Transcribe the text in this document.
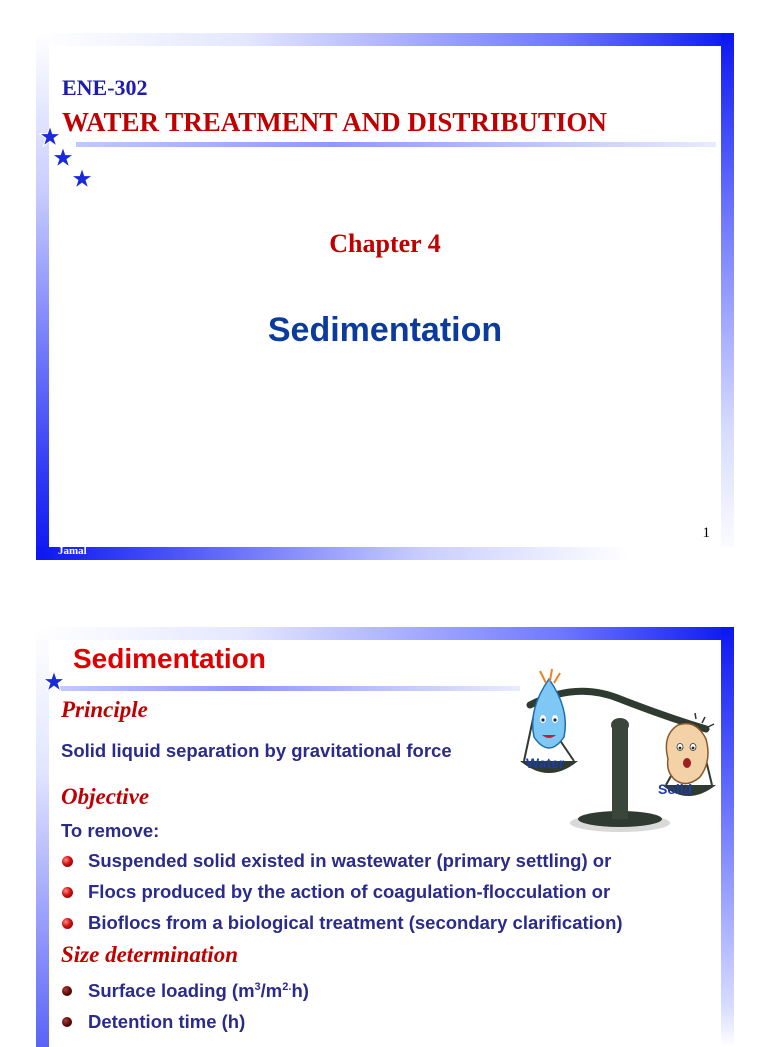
ENE-302
WATER TREATMENT AND DISTRIBUTION
Chapter 4
Sedimentation
1
Jamal
Sedimentation
Principle
Solid liquid separation by gravitational force
Objective
To remove:
Suspended solid existed in wastewater (primary settling) or
Flocs produced by the action of coagulation-flocculation or
Bioflocs from a biological treatment (secondary clarification)
Size determination
Surface loading $(m^3/m^{2.}h)$
Detention time (h)
Water
Solid
